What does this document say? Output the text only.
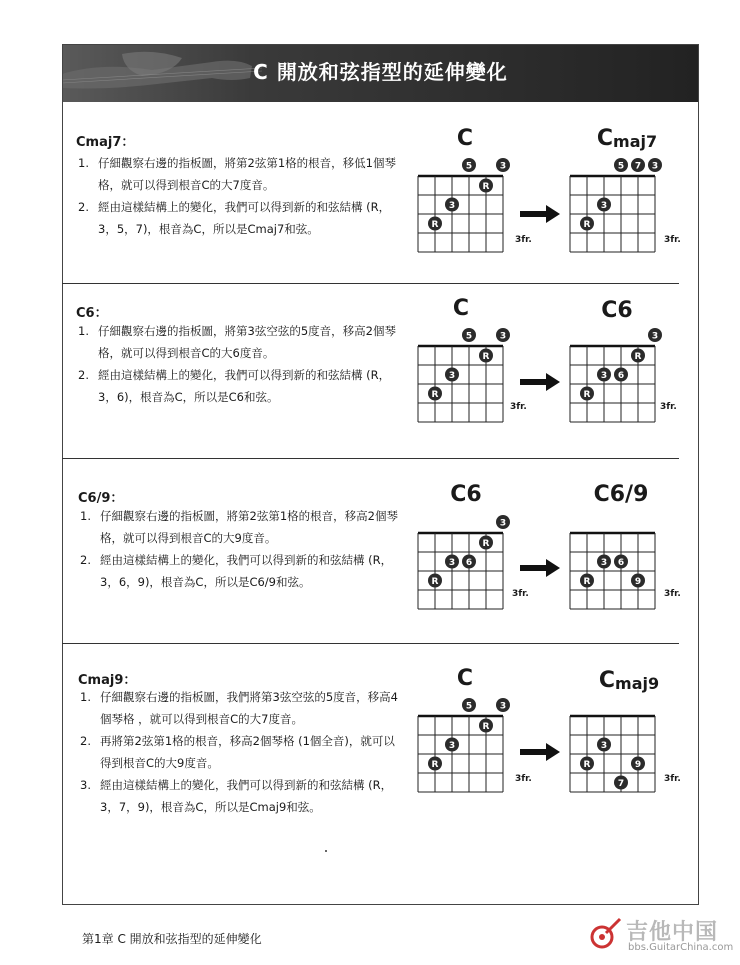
C 開放和弦指型的延伸變化
Cmaj7：
1. 仔細觀察右邊的指板圖，將第2弦第1格的根音，移低1個琴格，就可以得到根音C的大7度音。
2. 經由這樣結構上的變化，我們可以得到新的和弦結構 (R，3，5，7)，根音為C，所以是Cmaj7和弦。
C	$C_{maj7}$
5	3
R
3
R
5 7 3
R
3
3fr.	3fr.
C6：
1. 仔細觀察右邊的指板圖，將第3弦空弦的5度音，移高2個琴格，就可以得到根音C的大6度音。
2. 經由這樣結構上的變化，我們可以得到新的和弦結構 (R，3，6)，根音為C，所以是C6和弦。
C	C6
5	3
R
3
R
3
R
3 6
R
3fr.	3fr.
C6/9：
1. 仔細觀察右邊的指板圖，將第2弦第1格的根音，移高2個琴格，就可以得到根音C的大9度音。
2. 經由這樣結構上的變化，我們可以得到新的和弦結構 (R，3，6，9)，根音為C，所以是C6/9和弦。
C6	C6/9
3
R
3 6
R
R
3 6
9
3fr.	3fr.
Cmaj9：
1. 仔細觀察右邊的指板圖，我們將第3弦空弦的5度音，移高4個琴格 ，就可以得到根音C的大7度音。
2. 再將第2弦第1格的根音，移高2個琴格 (1個全音)，就可以得到根音C的大9度音。
3. 經由這樣結構上的變化，我們可以得到新的和弦結構 (R，3，7，9)，根音為C，所以是Cmaj9和弦。
C	$C_{maj9}$
5	3
R
3
R
R
3
7
9
3fr.	3fr.
第1章 C 開放和弦指型的延伸變化	吉他中国
bbs.GuitarChina.com
